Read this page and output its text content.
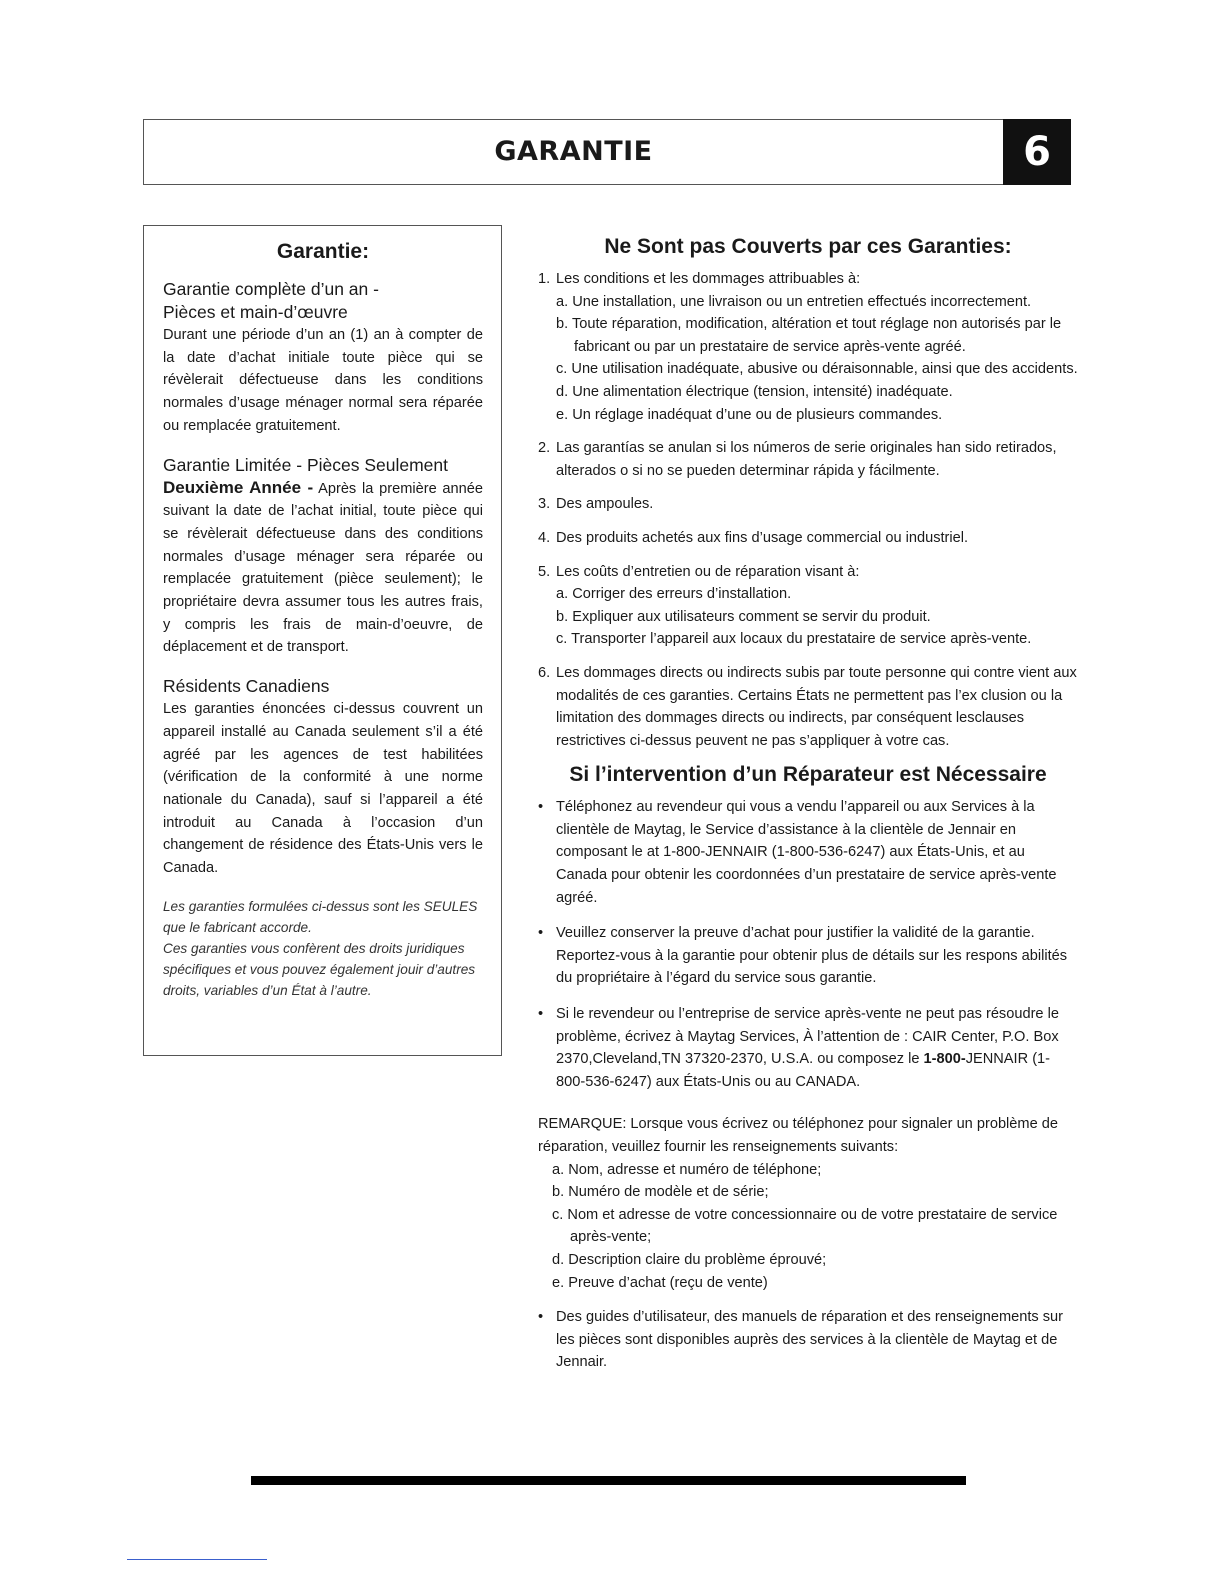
GARANTIE	6
Garantie:

Garantie complète d’un an -

Pièces et main-d’œuvre

Durant une période d’un an (1) an à compter de la date d’achat initiale toute pièce qui se révèlerait défectueuse dans les conditions normales d’usage ménager normal sera réparée ou remplacée gratuitement.

Garantie Limitée - Pièces Seulement

Deuxième Année - Après la première année suivant la date de l’achat initial, toute pièce qui se révèlerait défectueuse dans des conditions normales d’usage ménager sera réparée ou remplacée gratuitement (pièce seulement); le propriétaire devra assumer tous les autres frais, y compris les frais de main-d’oeuvre, de déplacement et de transport.

Résidents Canadiens

Les garanties énoncées ci-dessus couvrent un appareil installé au Canada seulement s’il a été agréé par les agences de test habilitées (vérification de la conformité à une norme nationale du Canada), sauf si l’appareil a été introduit au Canada à l’occasion d’un changement de résidence des États-Unis vers le Canada.

Les garanties formulées ci-dessus sont les SEULES que le fabricant accorde.

Ces garanties vous confèrent des droits juridiques spécifiques et vous pouvez également jouir d’autres droits, variables d’un État à l’autre.

Ne Sont pas Couverts par ces Garanties:
1. Les conditions et les dommages attribuables à:
a. Une installation, une livraison ou un entretien effectués incorrectement.
b. Toute réparation, modification, altération et tout réglage non autorisés par le fabricant ou par un prestataire de service après-vente agréé.
c. Une utilisation inadéquate, abusive ou déraisonnable, ainsi que des accidents.
d. Une alimentation électrique (tension, intensité) inadéquate.
e. Un réglage inadéquat d’une ou de plusieurs commandes.
2. Las garantías se anulan si los números de serie originales han sido retirados, alterados o si no se pueden determinar rápida y fácilmente.
3. Des ampoules.
4. Des produits achetés aux fins d’usage commercial ou industriel.
5. Les coûts d’entretien ou de réparation visant à:
a. Corriger des erreurs d’installation.
b. Expliquer aux utilisateurs comment se servir du produit.
c. Transporter l’appareil aux locaux du prestataire de service après-vente.
6. Les dommages directs ou indirects subis par toute personne qui contre vient aux modalités de ces garanties. Certains États ne permettent pas l’ex clusion ou la limitation des dommages directs ou indirects, par conséquent lesclauses restrictives ci-dessus peuvent ne pas s’appliquer à votre cas.
Si l’intervention d’un Réparateur est Nécessaire
• Téléphonez au revendeur qui vous a vendu l’appareil ou aux Services à la clientèle de Maytag, le Service d’assistance à la clientèle de Jennair en composant le at 1-800-JENNAIR (1-800-536-6247) aux États-Unis, et au Canada pour obtenir les coordonnées d’un prestataire de service après-vente agréé.
• Veuillez conserver la preuve d’achat pour justifier la validité de la garantie. Reportez-vous à la garantie pour obtenir plus de détails sur les respons abilités du propriétaire à l’égard du service sous garantie.
• Si le revendeur ou l’entreprise de service après-vente ne peut pas résoudre le problème, écrivez à Maytag Services, À l’attention de : CAIR Center, P.O. Box 2370,Cleveland,TN 37320-2370, U.S.A. ou composez le 1-800-JENNAIR (1-800-536-6247) aux États-Unis ou au CANADA.
REMARQUE: Lorsque vous écrivez ou téléphonez pour signaler un problème de réparation, veuillez fournir les renseignements suivants:
a. Nom, adresse et numéro de téléphone;
b. Numéro de modèle et de série;
c. Nom et adresse de votre concessionnaire ou de votre prestataire de service après-vente;
d. Description claire du problème éprouvé;
e. Preuve d’achat (reçu de vente)
• Des guides d’utilisateur, des manuels de réparation et des renseignements sur les pièces sont disponibles auprès des services à la clientèle de Maytag et de Jennair.
